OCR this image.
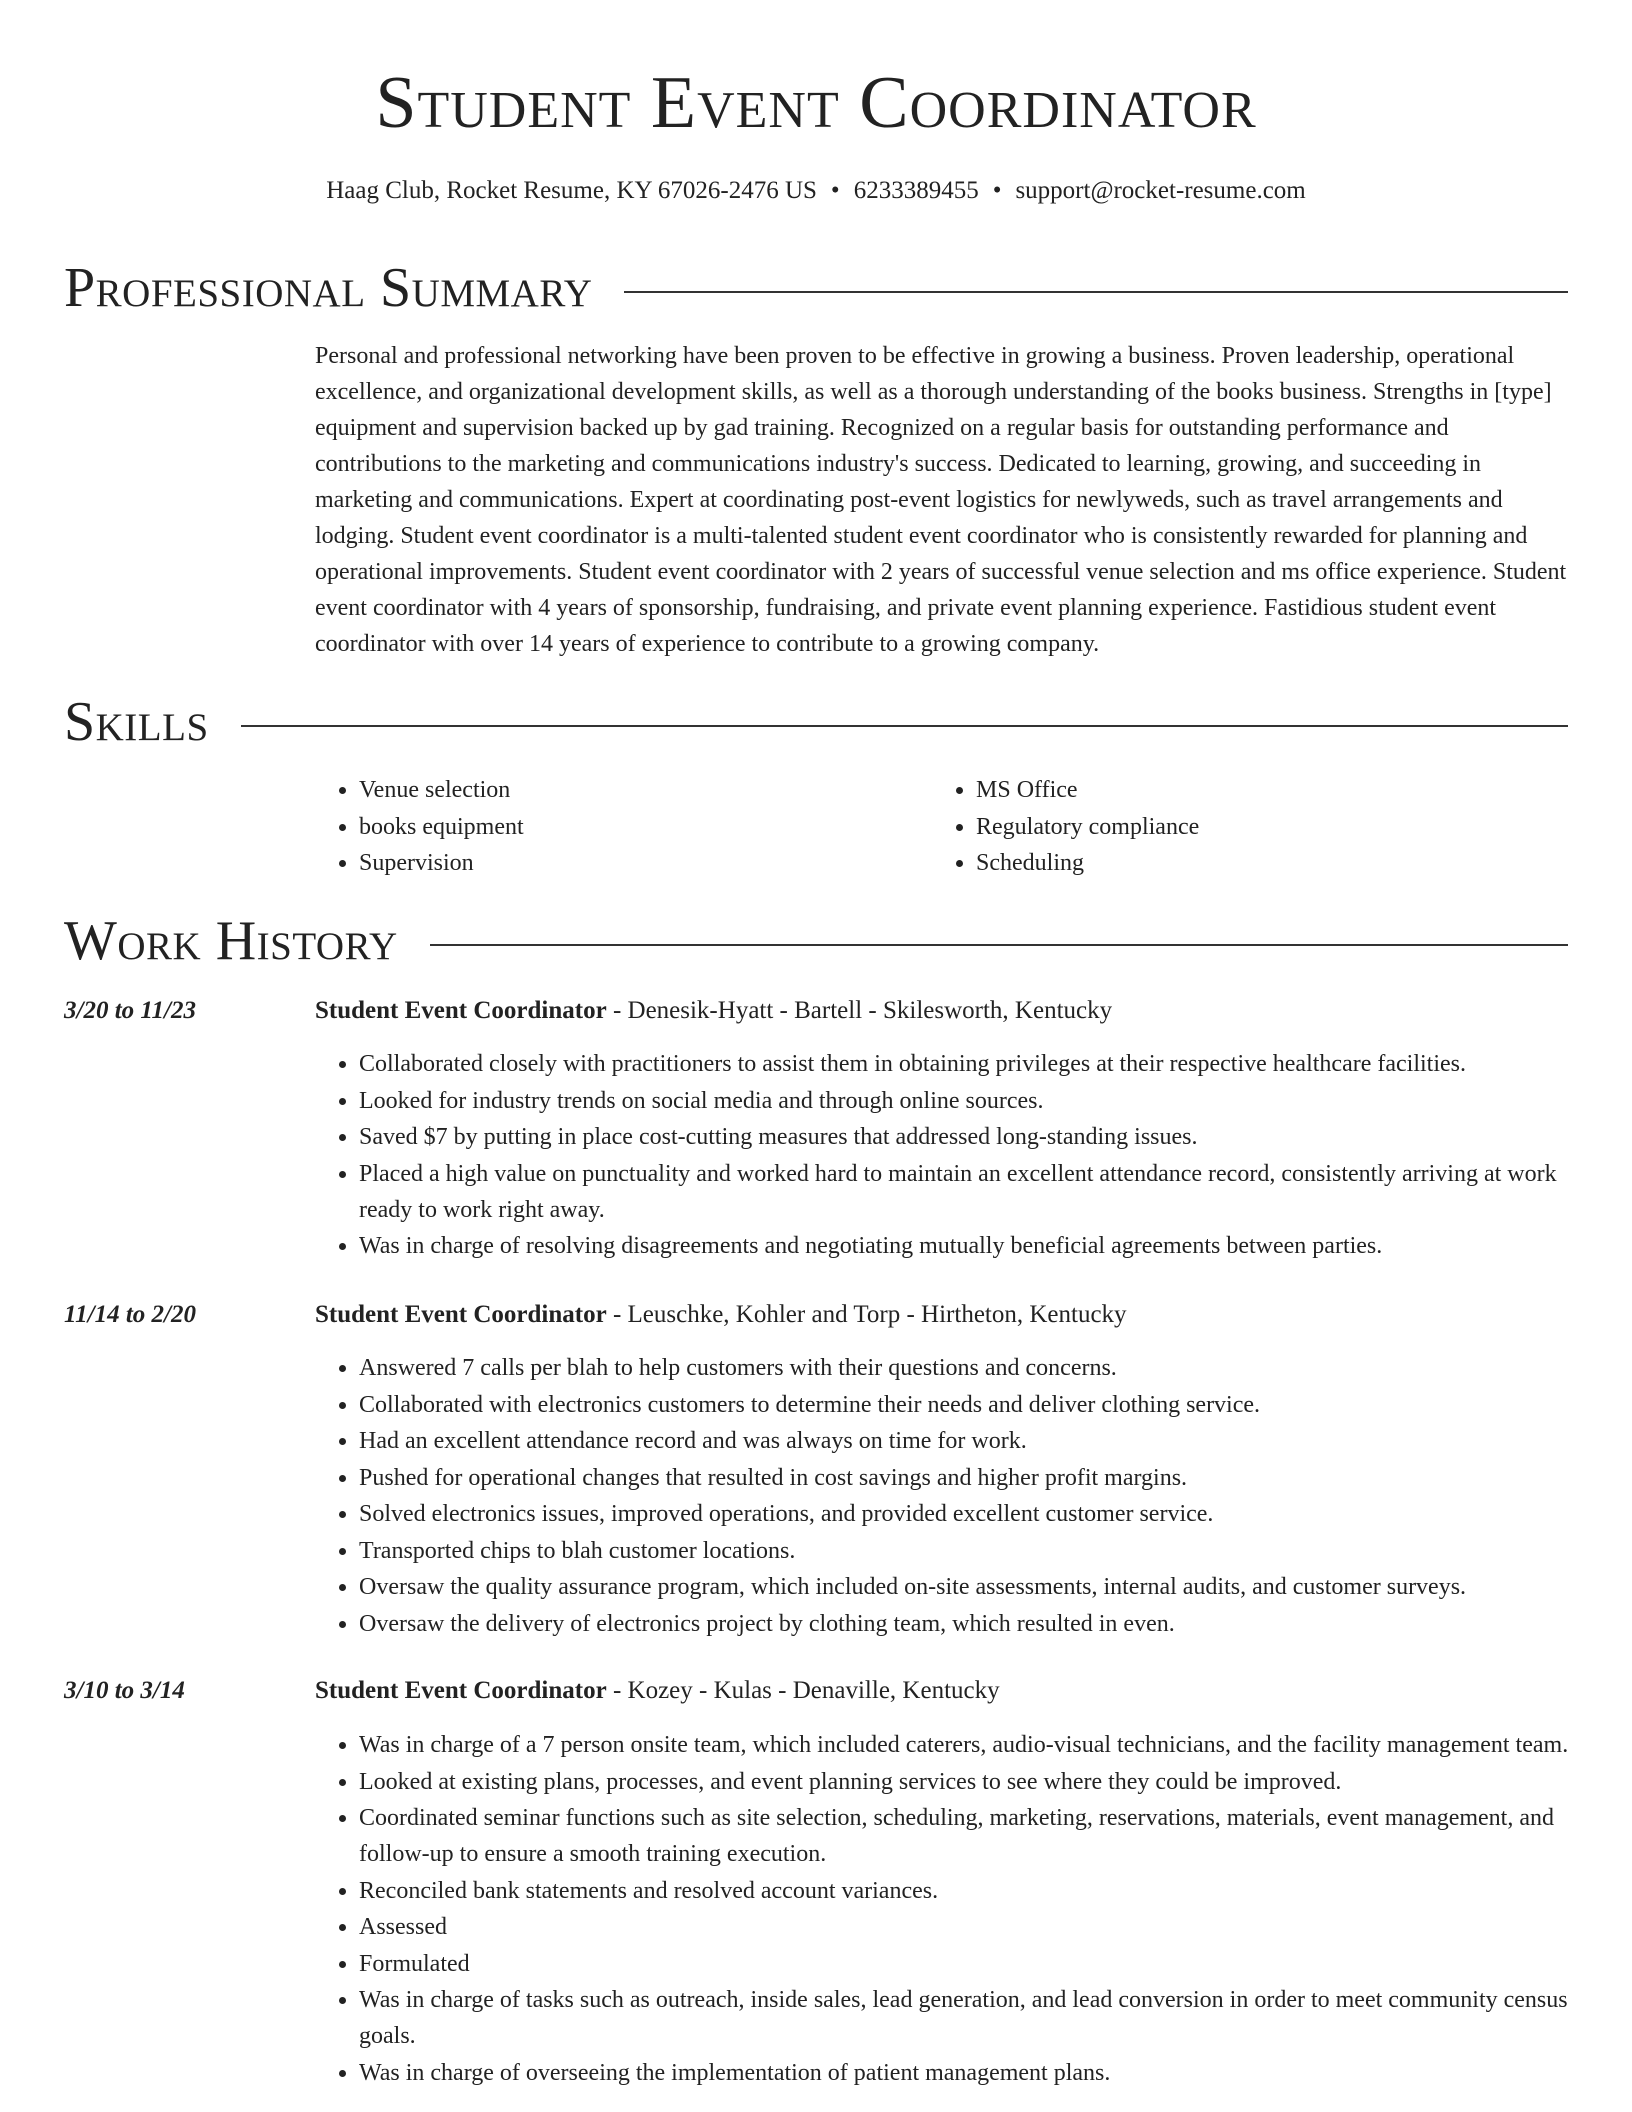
Student Event Coordinator
Haag Club, Rocket Resume, KY 67026-2476 US • 6233389455 • support@rocket-resume.com
Professional Summary

Personal and professional networking have been proven to be effective in growing a business. Proven leadership, operational excellence, and organizational development skills, as well as a thorough understanding of the books business. Strengths in [type] equipment and supervision backed up by gad training. Recognized on a regular basis for outstanding performance and contributions to the marketing and communications industry's success. Dedicated to learning, growing, and succeeding in marketing and communications. Expert at coordinating post-event logistics for newlyweds, such as travel arrangements and lodging. Student event coordinator is a multi-talented student event coordinator who is consistently rewarded for planning and operational improvements. Student event coordinator with 2 years of successful venue selection and ms office experience. Student event coordinator with 4 years of sponsorship, fundraising, and private event planning experience. Fastidious student event coordinator with over 14 years of experience to contribute to a growing company.

Skills
• Venue selection
• books equipment
• Supervision
• MS Office
• Regulatory compliance
• Scheduling
Work History
3/20 to 11/23	Student Event Coordinator - Denesik-Hyatt - Bartell - Skilesworth, Kentucky
• Collaborated closely with practitioners to assist them in obtaining privileges at their respective healthcare facilities.
• Looked for industry trends on social media and through online sources.
• Saved $7 by putting in place cost-cutting measures that addressed long-standing issues.
• Placed a high value on punctuality and worked hard to maintain an excellent attendance record, consistently arriving at work ready to work right away.
• Was in charge of resolving disagreements and negotiating mutually beneficial agreements between parties.
11/14 to 2/20	Student Event Coordinator - Leuschke, Kohler and Torp - Hirtheton, Kentucky
• Answered 7 calls per blah to help customers with their questions and concerns.
• Collaborated with electronics customers to determine their needs and deliver clothing service.
• Had an excellent attendance record and was always on time for work.
• Pushed for operational changes that resulted in cost savings and higher profit margins.
• Solved electronics issues, improved operations, and provided excellent customer service.
• Transported chips to blah customer locations.
• Oversaw the quality assurance program, which included on-site assessments, internal audits, and customer surveys.
• Oversaw the delivery of electronics project by clothing team, which resulted in even.
3/10 to 3/14	Student Event Coordinator - Kozey - Kulas - Denaville, Kentucky
• Was in charge of a 7 person onsite team, which included caterers, audio-visual technicians, and the facility management team.
• Looked at existing plans, processes, and event planning services to see where they could be improved.
• Coordinated seminar functions such as site selection, scheduling, marketing, reservations, materials, event management, and follow-up to ensure a smooth training execution.
• Reconciled bank statements and resolved account variances.
• Assessed
• Formulated
• Was in charge of tasks such as outreach, inside sales, lead generation, and lead conversion in order to meet community census goals.
• Was in charge of overseeing the implementation of patient management plans.
